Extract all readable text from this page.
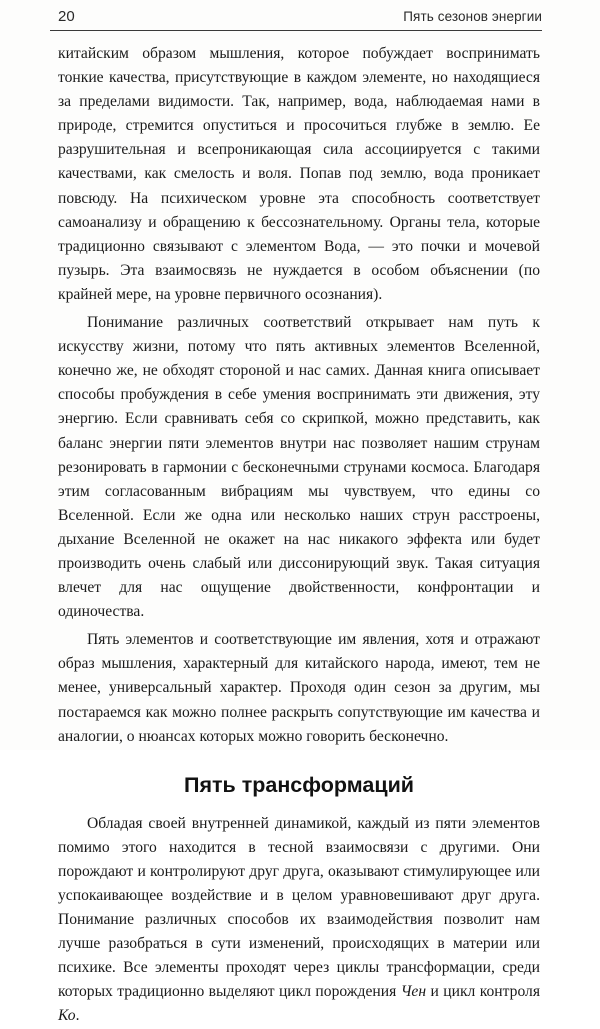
20	Пять сезонов энергии

китайским образом мышления, которое побуждает воспринимать тонкие качества, присутствующие в каждом элементе, но находящиеся за пределами видимости. Так, например, вода, наблюдаемая нами в природе, стремится опуститься и просочиться глубже в землю. Ее разрушительная и всепроникающая сила ассоциируется с такими качествами, как смелость и воля. Попав под землю, вода проникает повсюду. На психическом уровне эта способность соответствует самоанализу и обращению к бессознательному. Органы тела, которые традиционно связывают с элементом Вода, — это почки и мочевой пузырь. Эта взаимосвязь не нуждается в особом объяснении (по крайней мере, на уровне первичного осознания).

Понимание различных соответствий открывает нам путь к искусству жизни, потому что пять активных элементов Вселенной, конечно же, не обходят стороной и нас самих. Данная книга описывает способы пробуждения в себе умения воспринимать эти движения, эту энергию. Если сравнивать себя со скрипкой, можно представить, как баланс энергии пяти элементов внутри нас позволяет нашим струнам резонировать в гармонии с бесконечными струнами космоса. Благодаря этим согласованным вибрациям мы чувствуем, что едины со Вселенной. Если же одна или несколько наших струн расстроены, дыхание Вселенной не окажет на нас никакого эффекта или будет производить очень слабый или диссонирующий звук. Такая ситуация влечет для нас ощущение двойственности, конфронтации и одиночества.

Пять элементов и соответствующие им явления, хотя и отражают образ мышления, характерный для китайского народа, имеют, тем не менее, универсальный характер. Проходя один сезон за другим, мы постараемся как можно полнее раскрыть сопутствующие им качества и аналогии, о нюансах которых можно говорить бесконечно.

Пять трансформаций

Обладая своей внутренней динамикой, каждый из пяти элементов помимо этого находится в тесной взаимосвязи с другими. Они порождают и контролируют друг друга, оказывают стимулирующее или успокаивающее воздействие и в целом уравновешивают друг друга. Понимание различных способов их взаимодействия позволит нам лучше разобраться в сути изменений, происходящих в материи или психике. Все элементы проходят через циклы трансформации, среди которых традиционно выделяют цикл порождения Чен и цикл контроля Ко.
